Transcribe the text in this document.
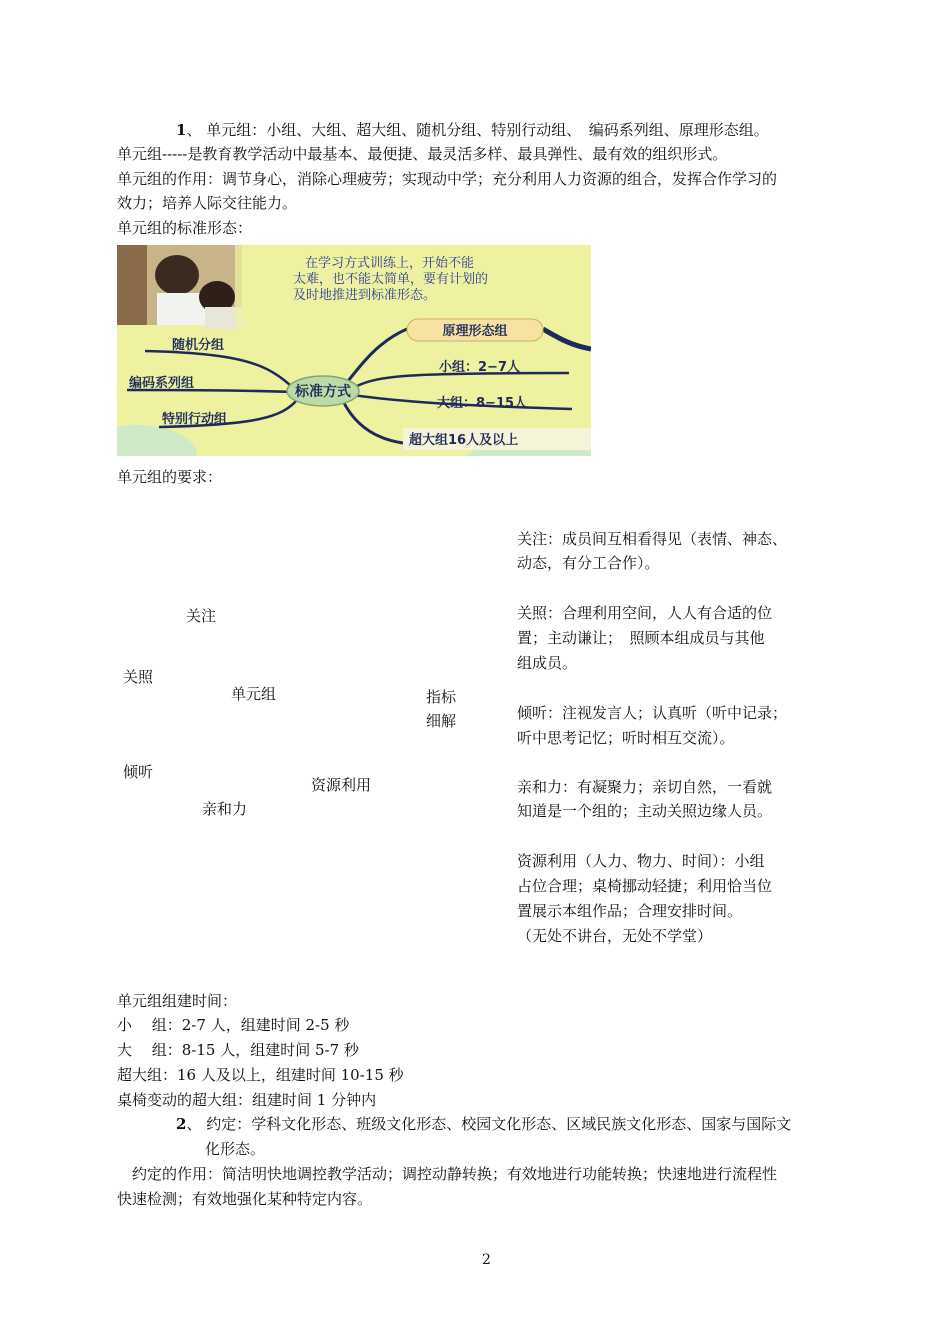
1、 单元组：小组、大组、超大组、随机分组、特别行动组、　编码系列组、原理形态组。
单元组-----是教育教学活动中最基本、最便捷、最灵活多样、最具弹性、最有效的组织形式。
单元组的作用：调节身心，消除心理疲劳；实现动中学；充分利用人力资源的组合，发挥合作学习的
效力；培养人际交往能力。
单元组的标准形态：
标准方式
原理形态组
小组：2−7人
大组：8−15人
超大组16人及以上
随机分组
编码系列组
特别行动组
在学习方式训练上，开始不能
太难，也不能太简单，要有计划的
及时地推进到标准形态。
单元组的要求：
关注
关照
单元组	指标
细解
倾听
资源利用
亲和力
关注：成员间互相看得见（表情、神态、
动态，有分工合作）。
关照：合理利用空间，人人有合适的位
置；主动谦让；　照顾本组成员与其他
组成员。
倾听：注视发言人；认真听（听中记录；
听中思考记忆；听时相互交流）。
亲和力：有凝聚力；亲切自然，一看就
知道是一个组的；主动关照边缘人员。
资源利用（人力、物力、时间）：小组
占位合理；桌椅挪动轻捷；利用恰当位
置展示本组作品；合理安排时间。
（无处不讲台，无处不学堂）
单元组组建时间：
小　 组：2-7 人，组建时间 2-5 秒
大　 组：8-15 人，组建时间 5-7 秒
超大组：16 人及以上，组建时间 10-15 秒
桌椅变动的超大组：组建时间 1 分钟内
2、 约定：学科文化形态、班级文化形态、校园文化形态、区域民族文化形态、国家与国际文
化形态。
　约定的作用：简洁明快地调控教学活动；调控动静转换；有效地进行功能转换；快速地进行流程性
快速检测；有效地强化某种特定内容。
2
